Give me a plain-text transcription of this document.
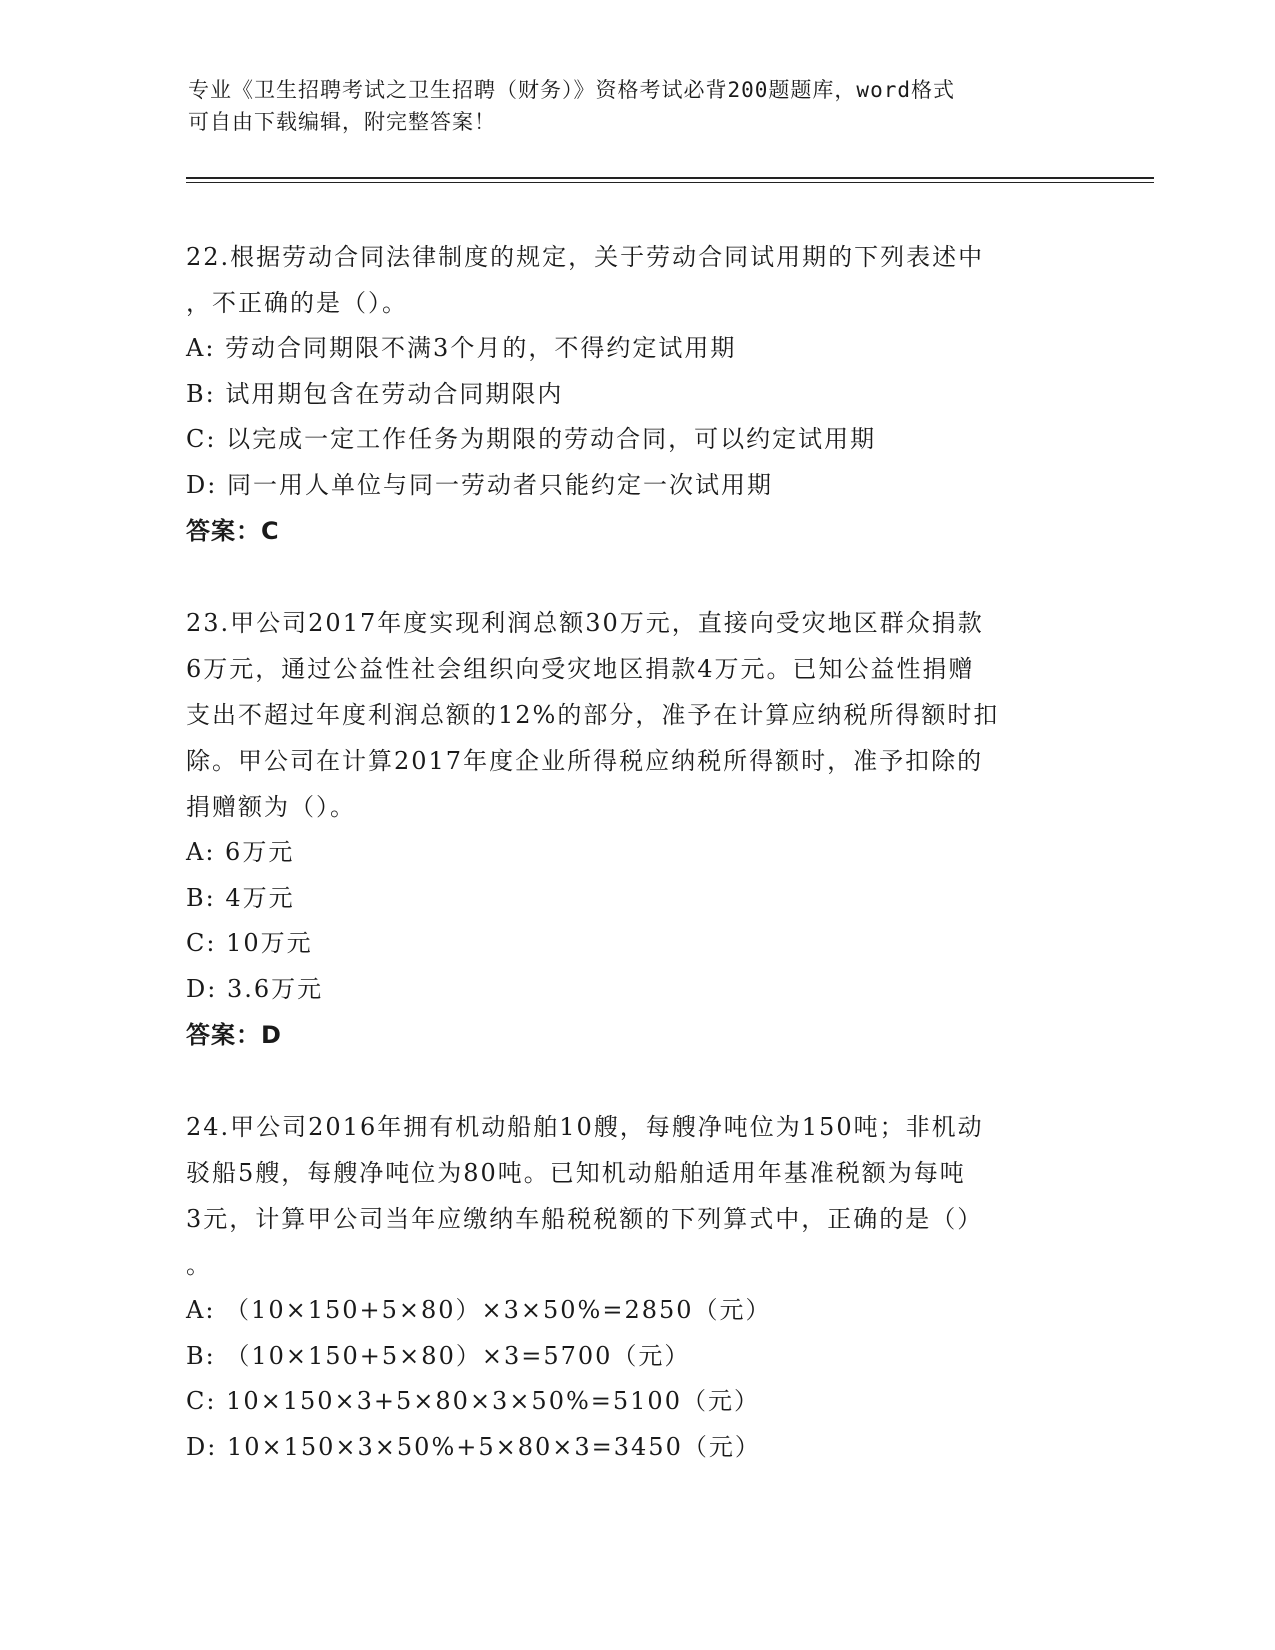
专业《卫生招聘考试之卫生招聘（财务）》资格考试必背200题题库，word格式
可自由下载编辑，附完整答案！
22.根据劳动合同法律制度的规定，关于劳动合同试用期的下列表述中
，不正确的是（）。
A: 劳动合同期限不满3个月的，不得约定试用期
B: 试用期包含在劳动合同期限内
C: 以完成一定工作任务为期限的劳动合同，可以约定试用期
D: 同一用人单位与同一劳动者只能约定一次试用期
答案：C
23.甲公司2017年度实现利润总额30万元，直接向受灾地区群众捐款
6万元，通过公益性社会组织向受灾地区捐款4万元。已知公益性捐赠
支出不超过年度利润总额的12%的部分，准予在计算应纳税所得额时扣
除。甲公司在计算2017年度企业所得税应纳税所得额时，准予扣除的
捐赠额为（）。
A: 6万元
B: 4万元
C: 10万元
D: 3.6万元
答案：D
24.甲公司2016年拥有机动船舶10艘，每艘净吨位为150吨；非机动
驳船5艘，每艘净吨位为80吨。已知机动船舶适用年基准税额为每吨
3元，计算甲公司当年应缴纳车船税税额的下列算式中，正确的是（）
。
A: （10×150+5×80）×3×50%=2850（元）
B: （10×150+5×80）×3=5700（元）
C: 10×150×3+5×80×3×50%=5100（元）
D: 10×150×3×50%+5×80×3=3450（元）
